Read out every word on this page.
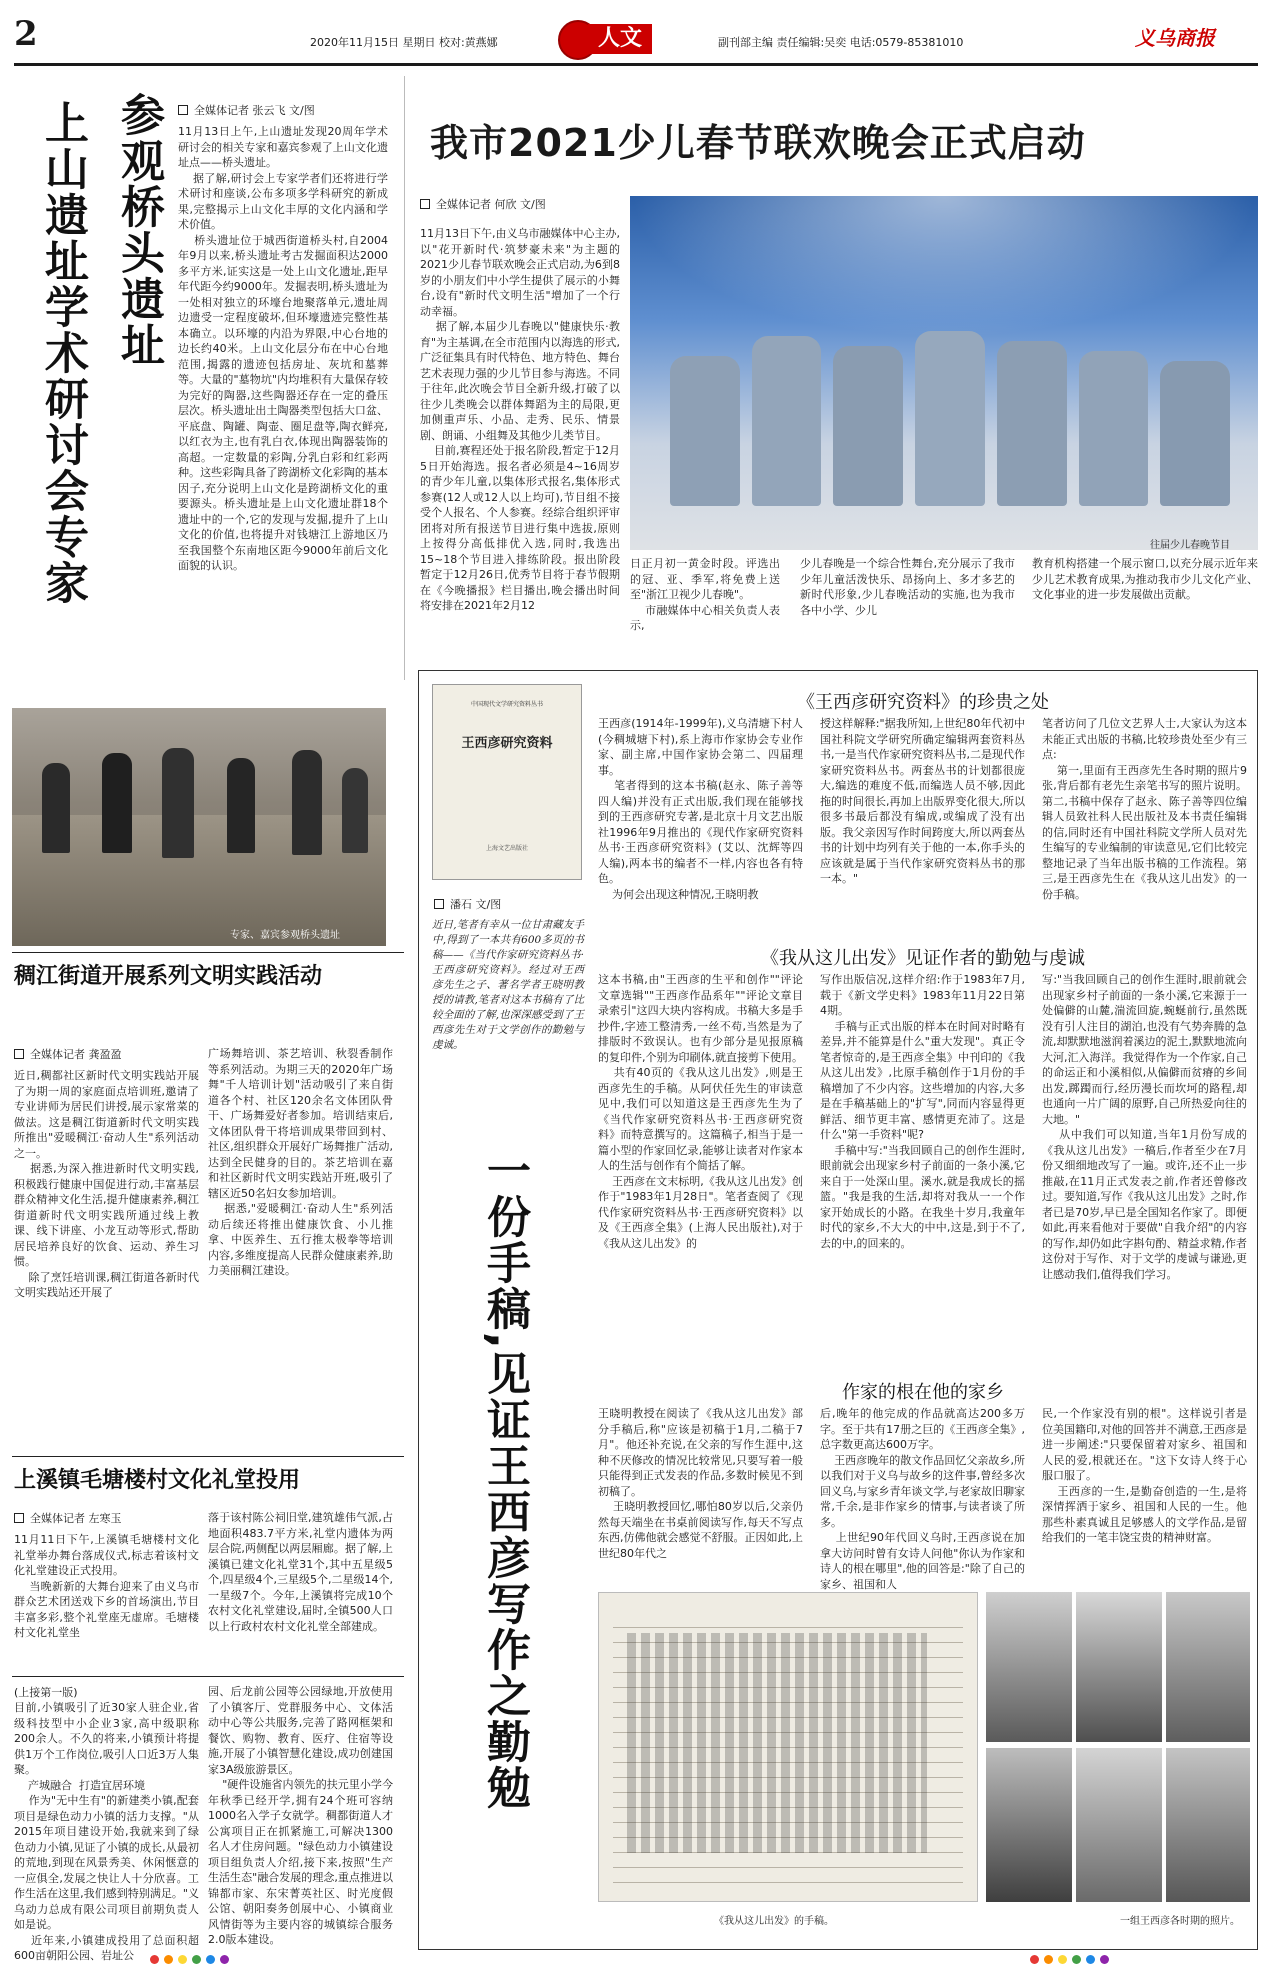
2	2020年11月15日 星期日 校对:黄燕娜	人文	副刊部主编 责任编辑:吴奕 电话:0579-85381010	义乌商报
参观桥头遗址
上山遗址学术研讨会专家	全媒体记者 张云飞 文/图
11月13日上午,上山遗址发现20周年学术研讨会的相关专家和嘉宾参观了上山文化遗址点——桥头遗址。
据了解,研讨会上专家学者们还将进行学术研讨和座谈,公布多项多学科研究的新成果,完整揭示上山文化丰厚的文化内涵和学术价值。
桥头遗址位于城西街道桥头村,自2004年9月以来,桥头遗址考古发掘面积达2000多平方米,证实这是一处上山文化遗址,距早年代距今约9000年。发掘表明,桥头遗址为一处相对独立的环壕台地聚落单元,遗址周边遗受一定程度破坏,但环壕遗迹完整性基本确立。以环壕的内沿为界限,中心台地的边长约40米。上山文化层分布在中心台地范围,揭露的遗迹包括房址、灰坑和墓葬等。大量的"墓物坑"内均堆积有大量保存较为完好的陶器,这些陶器还存在一定的叠压层次。桥头遗址出土陶器类型包括大口盆、平底盘、陶罐、陶壶、圈足盘等,陶衣鲜亮,以红衣为主,也有乳白衣,体现出陶器装饰的高超。一定数量的彩陶,分乳白彩和红彩两种。这些彩陶具备了跨湖桥文化彩陶的基本因子,充分说明上山文化是跨湖桥文化的重要源头。桥头遗址是上山文化遗址群18个遗址中的一个,它的发现与发掘,提升了上山文化的价值,也将提升对钱塘江上游地区乃至我国整个东南地区距今9000年前后文化面貌的认识。
专家、嘉宾参观桥头遗址
我市2021少儿春节联欢晚会正式启动
全媒体记者 何欣 文/图
11月13日下午,由义乌市融媒体中心主办,以"花开新时代·筑梦豪未来"为主题的2021少儿春节联欢晚会正式启动,为6到8岁的小朋友们中小学生提供了展示的小舞台,设有"新时代文明生活"增加了一个行动幸福。
据了解,本届少儿春晚以"健康快乐·教育"为主基调,在全市范围内以海选的形式,广泛征集具有时代特色、地方特色、舞台艺术表现力强的少儿节目参与海选。不同于往年,此次晚会节目全新升级,打破了以往少儿类晚会以群体舞蹈为主的局限,更加侧重声乐、小品、走秀、民乐、情景剧、朗诵、小组舞及其他少儿类节目。
目前,赛程还处于报名阶段,暂定于12月5日开始海选。报名者必须是4~16周岁的青少年儿童,以集体形式报名,集体形式参赛(12人或12人以上均可),节目组不接受个人报名、个人参赛。经综合组织评审团将对所有报送节目进行集中选拔,原则上按得分高低排优入选,同时,我选出15~18个节目进入排练阶段。报出阶段暂定于12月26日,优秀节目将于春节假期在《今晚播报》栏目播出,晚会播出时间将安排在2021年2月12
往届少儿春晚节目
日正月初一黄金时段。评选出的冠、亚、季军,将免费上送至"浙江卫视少儿春晚"。
市融媒体中心相关负责人表示,
少儿春晚是一个综合性舞台,充分展示了我市少年儿童活泼快乐、昂扬向上、多才多艺的新时代形象,少儿春晚活动的实施,也为我市各中小学、少儿
教育机构搭建一个展示窗口,以充分展示近年来少儿艺术教育成果,为推动我市少儿文化产业、文化事业的进一步发展做出贡献。
稠江街道开展系列文明实践活动
全媒体记者 龚盈盈
近日,稠都社区新时代文明实践站开展了为期一周的家庭面点培训班,邀请了专业讲师为居民们讲授,展示家常菜的做法。这是稠江街道新时代文明实践所推出"爱暖稠江·奋动人生"系列活动之一。
据悉,为深入推进新时代文明实践,积极践行健康中国促进行动,丰富基层群众精神文化生活,提升健康素养,稠江街道新时代文明实践所通过线上教课、线下讲座、小龙互动等形式,帮助居民培养良好的饮食、运动、养生习惯。
除了烹饪培训课,稠江街道各新时代文明实践站还开展了
广场舞培训、茶艺培训、秋裂香制作等系列活动。为期三天的2020年广场舞"千人培训计划"活动吸引了来自街道各个村、社区120余名文体团队骨干、广场舞爱好者参加。培训结束后,文体团队骨干将培训成果带回到村、社区,组织群众开展好广场舞推广活动,达到全民健身的目的。茶艺培训在嘉和社区新时代文明实践站开班,吸引了辖区近50名妇女参加培训。
据悉,"爱暖稠江·奋动人生"系列活动后续还将推出健康饮食、小儿推拿、中医养生、五行推太极拳等培训内容,多维度提高人民群众健康素养,助力美丽稠江建设。
上溪镇毛塘楼村文化礼堂投用
全媒体记者 左寒玉
11月11日下午,上溪镇毛塘楼村文化礼堂举办舞台落成仪式,标志着该村文化礼堂建设正式投用。
当晚新新的大舞台迎来了由义乌市群众艺术团送戏下乡的首场演出,节目丰富多彩,整个礼堂座无虚席。毛塘楼村文化礼堂坐
落于该村陈公祠旧堂,建筑雄伟气派,占地面积483.7平方米,礼堂内遗体为两层合院,两侧配以两层厢廊。据了解,上溪镇已建文化礼堂31个,其中五星级5个,四星级4个,三星级5个,二星级14个,一星级7个。今年,上溪镇将完成10个农村文化礼堂建设,届时,全镇500人口以上行政村农村文化礼堂全部建成。
(上接第一版)
目前,小镇吸引了近30家人驻企业,省级科技型中小企业3家,高中级职称200余人。不久的将来,小镇预计将提供1万个工作岗位,吸引人口近3万人集聚。
产城融合  打造宜居环境
作为"无中生有"的新建类小镇,配套项目是绿色动力小镇的活力支撑。"从2015年项目建设开始,我就来到了绿色动力小镇,见证了小镇的成长,从最初的荒地,到现在风景秀美、休闲惬意的一应俱全,发展之快让人十分欣喜。工作生活在这里,我们感到特别满足。"义乌动力总成有限公司项目前期负责人如是说。
近年来,小镇建成投用了总面积超600亩朝阳公园、岩址公
园、后龙前公园等公园绿地,开放使用了小镇客厅、党群服务中心、文体活动中心等公共服务,完善了路网框架和餐饮、购物、教育、医疗、住宿等设施,开展了小镇智慧化建设,成功创建国家3A级旅游景区。
"硬件设施省内领先的扶元里小学今年秋季已经开学,拥有24个班可容纳1000名入学子女就学。稠都街道人才公寓项目正在抓紧施工,可解决1300名人才住房问题。"绿色动力小镇建设项目组负责人介绍,接下来,按照"生产生活生态"融合发展的理念,重点推进以锦都市家、东宋菁英社区、时光度假公馆、朝阳奏务创展中心、小镇商业风情街等为主要内容的城镇综合服务2.0版本建设。
中国现代文学研究资料丛书
王西彦研究资料
上海文艺出版社
潘石 文/图
近日,笔者有幸从一位甘肃藏友手中,得到了一本共有600多页的书稿——《当代作家研究资料丛书·王西彦研究资料》。经过对王西彦先生之子、著名学者王晓明教授的请教,笔者对这本书稿有了比较全面的了解,也深深感受到了王西彦先生对于文学创作的勤勉与虔诚。
一份手稿,见证王西彦写作之勤勉
《王西彦研究资料》的珍贵之处
王西彦(1914年-1999年),义乌清塘下村人(今稠城塘下村),系上海市作家协会专业作家、副主席,中国作家协会第二、四届理事。
笔者得到的这本书稿(赵永、陈子善等四人编)并没有正式出版,我们现在能够找到的王西彦研究专著,是北京十月文艺出版社1996年9月推出的《现代作家研究资料丛书·王西彦研究资料》(艾以、沈辉等四人编),两本书的编者不一样,内容也各有特色。
为何会出现这种情况,王晓明教
授这样解释:"据我所知,上世纪80年代初中国社科院文学研究所确定编辑两套资料丛书,一是当代作家研究资料丛书,二是现代作家研究资料丛书。两套丛书的计划都很庞大,编选的难度不低,而编选人员不够,因此拖的时间很长,再加上出版界变化很大,所以很多书最后都没有编成,或编成了没有出版。我父亲因写作时间跨度大,所以两套丛书的计划中均列有关于他的一本,你手头的应该就是属于当代作家研究资料丛书的那一本。"
笔者访问了几位文艺界人士,大家认为这本未能正式出版的书稿,比较珍贵处至少有三点:
第一,里面有王西彦先生各时期的照片9张,背后都有老先生亲笔书写的照片说明。第二,书稿中保存了赵永、陈子善等四位编辑人员致社科人民出版社及本书责任编辑的信,同时还有中国社科院文学所人员对先生编写的专业编制的审读意见,它们比较完整地记录了当年出版书稿的工作流程。第三,是王西彦先生在《我从这儿出发》的一份手稿。
《我从这儿出发》见证作者的勤勉与虔诚
这本书稿,由"王西彦的生平和创作""评论文章选辑""王西彦作品系年""评论文章目录索引"这四大块内容构成。书稿大多是手抄件,字迹工整清秀,一丝不苟,当然是为了排版时不致误认。也有少部分是见报原稿的复印件,个别为印刷体,就直接剪下使用。
共有40页的《我从这儿出发》,则是王西彦先生的手稿。从阿伏任先生的审读意见中,我们可以知道这是王西彦先生为了《当代作家研究资料丛书·王西彦研究资料》而特意撰写的。这篇稿子,相当于是一篇小型的作家回忆录,能够让读者对作家本人的生活与创作有个简括了解。
王西彦在文末标明,《我从这儿出发》创作于"1983年1月28日"。笔者查阅了《现代作家研究资料丛书·王西彦研究资料》以及《王西彦全集》(上海人民出版社),对于《我从这儿出发》的
写作出版信况,这样介绍:作于1983年7月,载于《新文学史料》1983年11月22日第4期。
手稿与正式出版的样本在时间对时略有差异,并不能算是什么"重大发现"。真正令笔者惊奇的,是王西彦全集》中刊印的《我从这儿出发》,比原手稿创作于1月份的手稿增加了不少内容。这些增加的内容,大多是在手稿基础上的"扩写",同而内容显得更鲜活、细节更丰富、感情更充沛了。这是什么"第一手资料"呢?
手稿中写:"当我回顾自己的创作生涯时,眼前就会出现家乡村子前面的一条小溪,它来自于一处深山里。溪水,就是我成长的摇篮。"我是我的生活,却将对我从一一个作家开始成长的小路。在我坐十岁月,我童年时代的家乡,不大大的中中,这是,到于不了,去的中,的回来的。
写:"当我回顾自己的创作生涯时,眼前就会出现家乡村子前面的一条小溪,它来源于一处偏僻的山麓,湍流回旋,蜿蜒前行,虽然既没有引人注目的湖泊,也没有气势奔腾的急流,却默默地滋润着溪边的泥土,默默地流向大河,汇入海洋。我觉得作为一个作家,自己的命运正和小溪相似,从偏僻而贫瘠的乡间出发,踯躅而行,经历漫长而坎坷的路程,却也通向一片广阔的原野,自己所热爱向往的大地。"
从中我们可以知道,当年1月份写成的《我从这儿出发》一稿后,作者至少在7月份又细细地改写了一遍。或许,还不止一步推敲,在11月正式发表之前,作者还曾修改过。要知道,写作《我从这儿出发》之时,作者已是70岁,早已是全国知名作家了。即便如此,再来看他对于要做"自我介绍"的内容的写作,却仍如此字斟句酌、精益求精,作者这份对于写作、对于文学的虔诚与谦逊,更让感动我们,值得我们学习。
作家的根在他的家乡
王晓明教授在阅读了《我从这儿出发》部分手稿后,称"应该是初稿于1月,二稿于7月"。他还补充说,在父亲的写作生涯中,这种不厌修改的情况比较常见,只要写着一般只能得到正式发表的作品,多数时候见不到初稿了。
王晓明教授回忆,哪怕80岁以后,父亲仍然每天端坐在书桌前阅读写作,每天不写点东西,仿佛他就会感觉不舒服。正因如此,上世纪80年代之
后,晚年的他完成的作品就高达200多万字。至于共有17册之巨的《王西彦全集》,总字数更高达600万字。
王西彦晚年的散文作品回忆父亲故乡,所以我们对于义乌与故乡的这件事,曾经多次回义乌,与家乡青年谈文学,与老家故旧聊家常,千余,是非作家乡的情事,与读者谈了所多。
上世纪90年代回义乌时,王西彦说在加拿大访问时曾有女诗人问他"你认为作家和诗人的根在哪里",他的回答是:"除了自己的家乡、祖国和人
民,一个作家没有别的根"。这样说引者是位美国籍印,对他的回答并不满意,王西彦是进一步阐述:"只要保留着对家乡、祖国和人民的爱,根就还在。"这下女诗人终于心服口服了。
王西彦的一生,是勤奋创造的一生,是将深情挥洒于家乡、祖国和人民的一生。他那些朴素真诚且足够感人的文学作品,是留给我们的一笔丰饶宝贵的精神财富。
《我从这儿出发》的手稿。	一组王西彦各时期的照片。
